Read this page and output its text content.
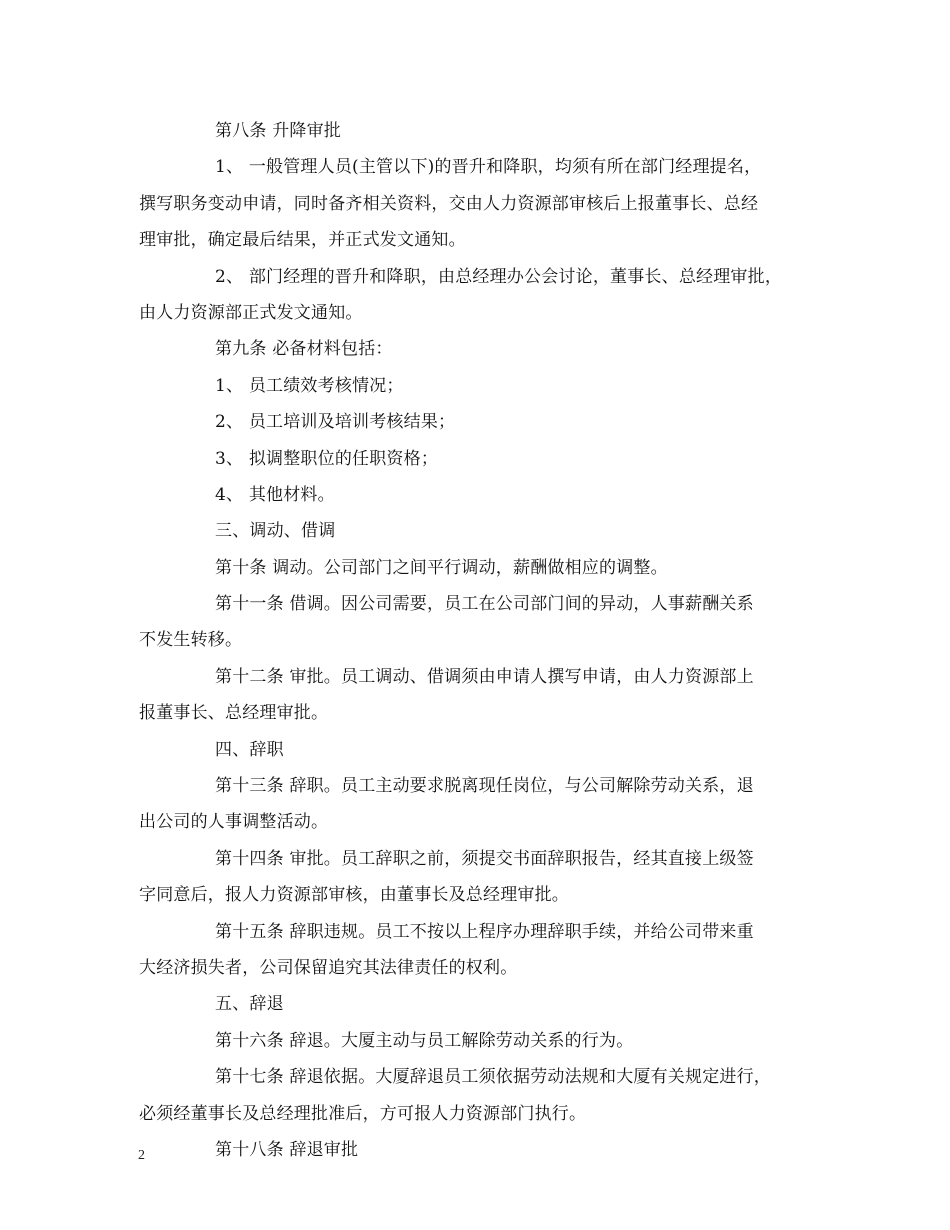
第八条 升降审批
1、 一般管理人员(主管以下)的晋升和降职，均须有所在部门经理提名，
撰写职务变动申请，同时备齐相关资料，交由人力资源部审核后上报董事长、总经
理审批，确定最后结果，并正式发文通知。
2、 部门经理的晋升和降职，由总经理办公会讨论，董事长、总经理审批，
由人力资源部正式发文通知。
第九条 必备材料包括：
1、 员工绩效考核情况；
2、 员工培训及培训考核结果；
3、 拟调整职位的任职资格；
4、 其他材料。
三、调动、借调
第十条 调动。公司部门之间平行调动，薪酬做相应的调整。
第十一条 借调。因公司需要，员工在公司部门间的异动，人事薪酬关系
不发生转移。
第十二条 审批。员工调动、借调须由申请人撰写申请，由人力资源部上
报董事长、总经理审批。
四、辞职
第十三条 辞职。员工主动要求脱离现任岗位，与公司解除劳动关系，退
出公司的人事调整活动。
第十四条 审批。员工辞职之前，须提交书面辞职报告，经其直接上级签
字同意后，报人力资源部审核，由董事长及总经理审批。
第十五条 辞职违规。员工不按以上程序办理辞职手续，并给公司带来重
大经济损失者，公司保留追究其法律责任的权利。
五、辞退
第十六条 辞退。大厦主动与员工解除劳动关系的行为。
第十七条 辞退依据。大厦辞退员工须依据劳动法规和大厦有关规定进行，
必须经董事长及总经理批准后，方可报人力资源部门执行。
第十八条 辞退审批
2
